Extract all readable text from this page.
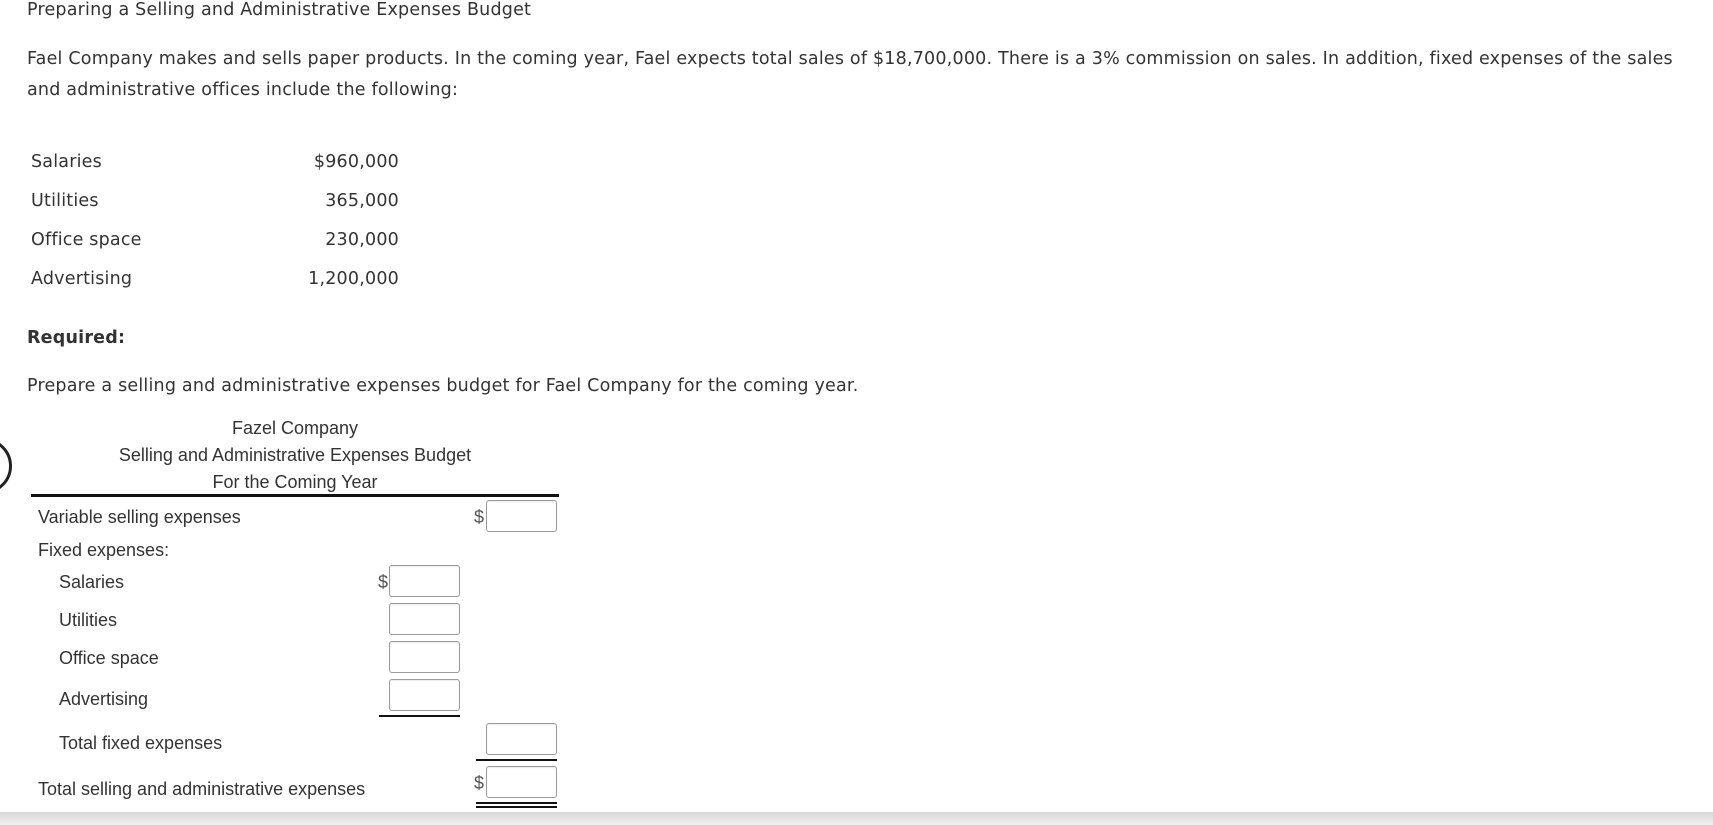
Preparing a Selling and Administrative Expenses Budget
Fael Company makes and sells paper products. In the coming year, Fael expects total sales of $18,700,000. There is a 3% commission on sales. In addition, fixed expenses of the sales and administrative offices include the following:
Salaries	$960,000
Utilities	365,000
Office space	230,000
Advertising	1,200,000
Required:
Prepare a selling and administrative expenses budget for Fael Company for the coming year.
Fazel Company
Selling and Administrative Expenses Budget
For the Coming Year
Variable selling expenses	$
Fixed expenses:
Salaries	$
Utilities
Office space
Advertising
Total fixed expenses
Total selling and administrative expenses	$
